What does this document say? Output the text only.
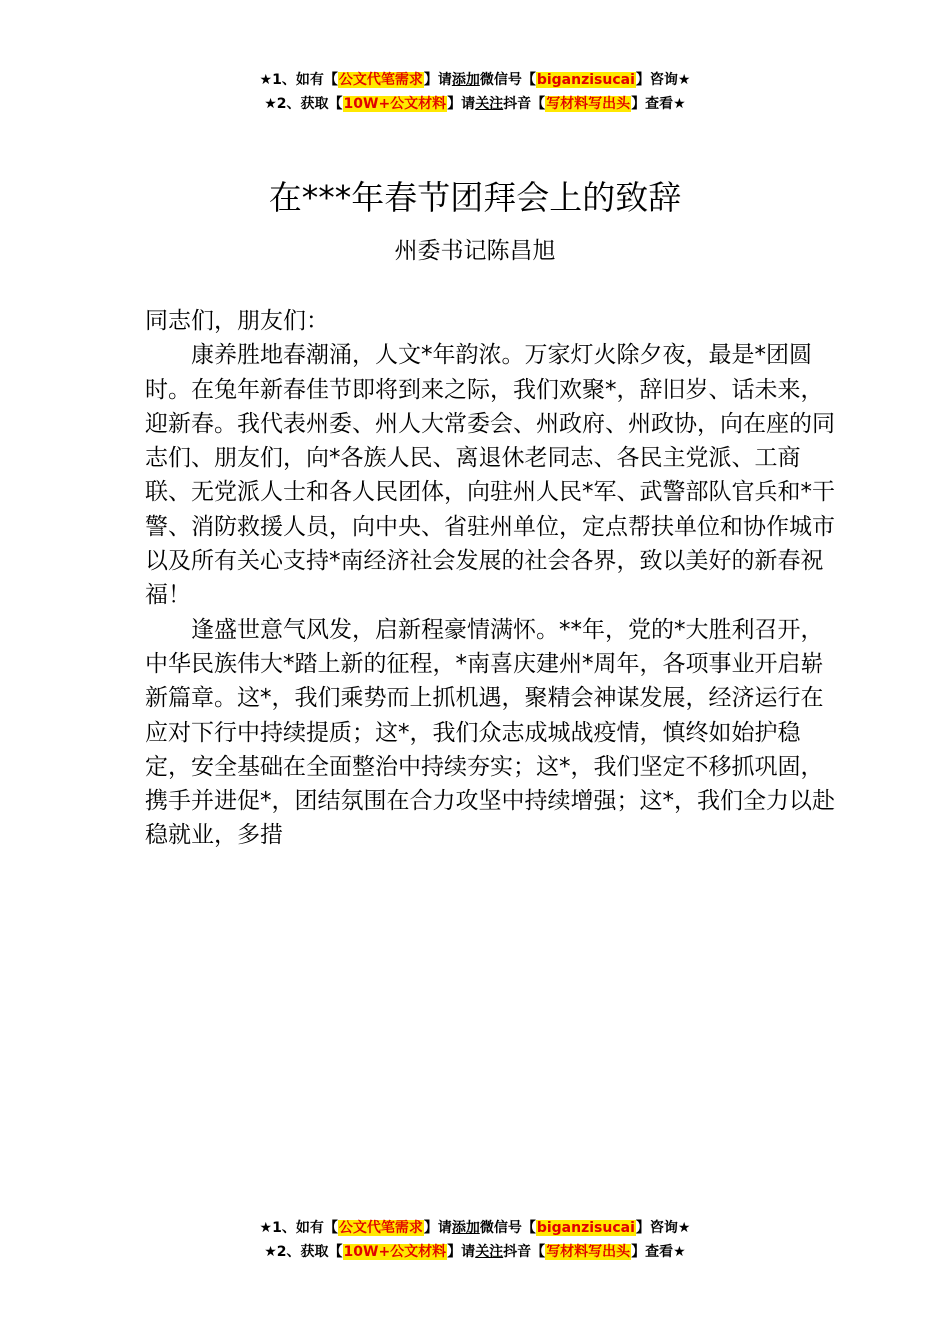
★1、如有【公文代笔需求】请添加微信号【biganzisucai】咨询★
★2、获取【10W+公文材料】请关注抖音【写材料写出头】查看★
在***年春节团拜会上的致辞
州委书记陈昌旭

同志们，朋友们：

康养胜地春潮涌，人文*年韵浓。万家灯火除夕夜，最是*团圆时。在兔年新春佳节即将到来之际，我们欢聚*，辞旧岁、话未来，迎新春。我代表州委、州人大常委会、州政府、州政协，向在座的同志们、朋友们，向*各族人民、离退休老同志、各民主党派、工商联、无党派人士和各人民团体，向驻州人民*军、武警部队官兵和*干警、消防救援人员，向中央、省驻州单位，定点帮扶单位和协作城市以及所有关心支持*南经济社会发展的社会各界，致以美好的新春祝福！

逢盛世意气风发，启新程豪情满怀。**年，党的*大胜利召开，中华民族伟大*踏上新的征程，*南喜庆建州*周年，各项事业开启崭新篇章。这*，我们乘势而上抓机遇，聚精会神谋发展，经济运行在应对下行中持续提质；这*，我们众志成城战疫情，慎终如始护稳定，安全基础在全面整治中持续夯实；这*，我们坚定不移抓巩固，携手并进促*，团结氛围在合力攻坚中持续增强；这*，我们全力以赴稳就业，多措

★1、如有【公文代笔需求】请添加微信号【biganzisucai】咨询★
★2、获取【10W+公文材料】请关注抖音【写材料写出头】查看★
